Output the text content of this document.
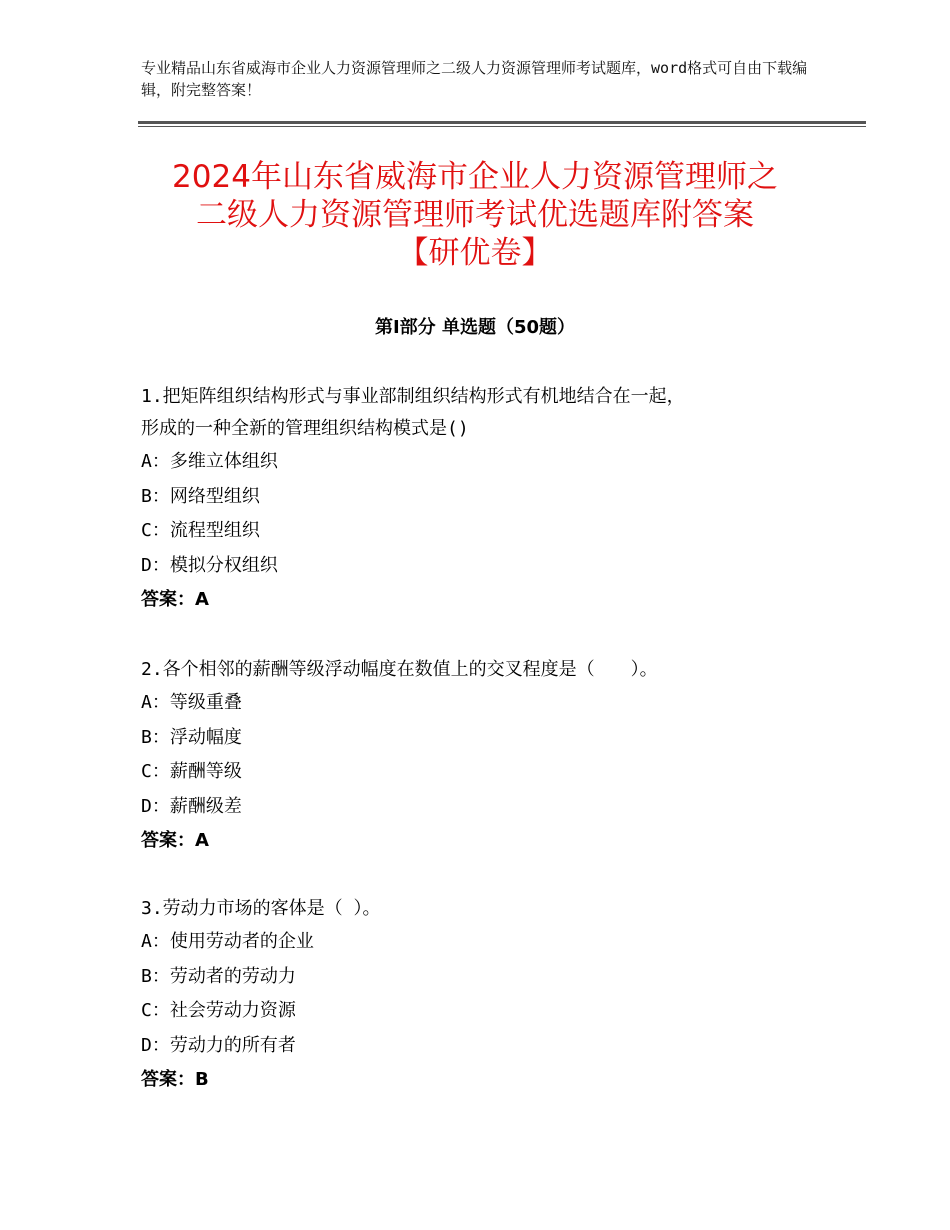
专业精品山东省威海市企业人力资源管理师之二级人力资源管理师考试题库，word格式可自由下载编辑，附完整答案！
2024年山东省威海市企业人力资源管理师之
二级人力资源管理师考试优选题库附答案
【研优卷】
第Ⅰ部分 单选题（50题）

1.把矩阵组织结构形式与事业部制组织结构形式有机地结合在一起，

形成的一种全新的管理组织结构模式是()

A：多维立体组织

B：网络型组织

C：流程型组织

D：模拟分权组织

答案：A

2.各个相邻的薪酬等级浮动幅度在数值上的交叉程度是（　　）。

A：等级重叠

B：浮动幅度

C：薪酬等级

D：薪酬级差

答案：A

3.劳动力市场的客体是（ ）。

A：使用劳动者的企业

B：劳动者的劳动力

C：社会劳动力资源

D：劳动力的所有者

答案：B
